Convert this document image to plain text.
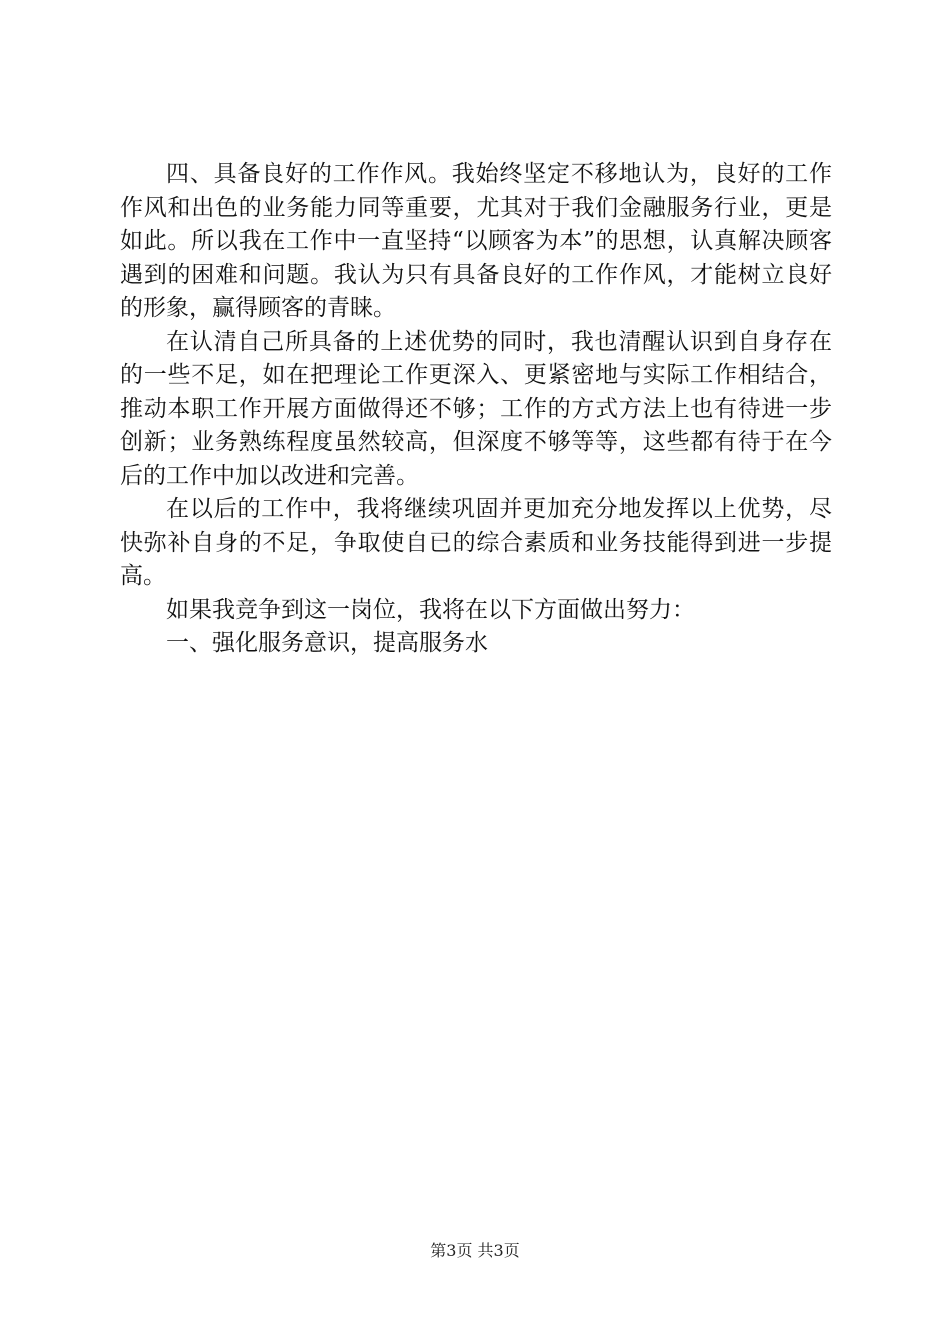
四、具备良好的工作作风。我始终坚定不移地认为，良好的工作作风和出色的业务能力同等重要，尤其对于我们金融服务行业，更是如此。所以我在工作中一直坚持“以顾客为本”的思想，认真解决顾客遇到的困难和问题。我认为只有具备良好的工作作风，才能树立良好的形象，赢得顾客的青睐。

在认清自己所具备的上述优势的同时，我也清醒认识到自身存在的一些不足，如在把理论工作更深入、更紧密地与实际工作相结合，推动本职工作开展方面做得还不够；工作的方式方法上也有待进一步创新；业务熟练程度虽然较高，但深度不够等等，这些都有待于在今后的工作中加以改进和完善。

在以后的工作中，我将继续巩固并更加充分地发挥以上优势，尽快弥补自身的不足，争取使自已的综合素质和业务技能得到进一步提高。

如果我竞争到这一岗位，我将在以下方面做出努力：

一、强化服务意识，提高服务水

第3页 共3页
